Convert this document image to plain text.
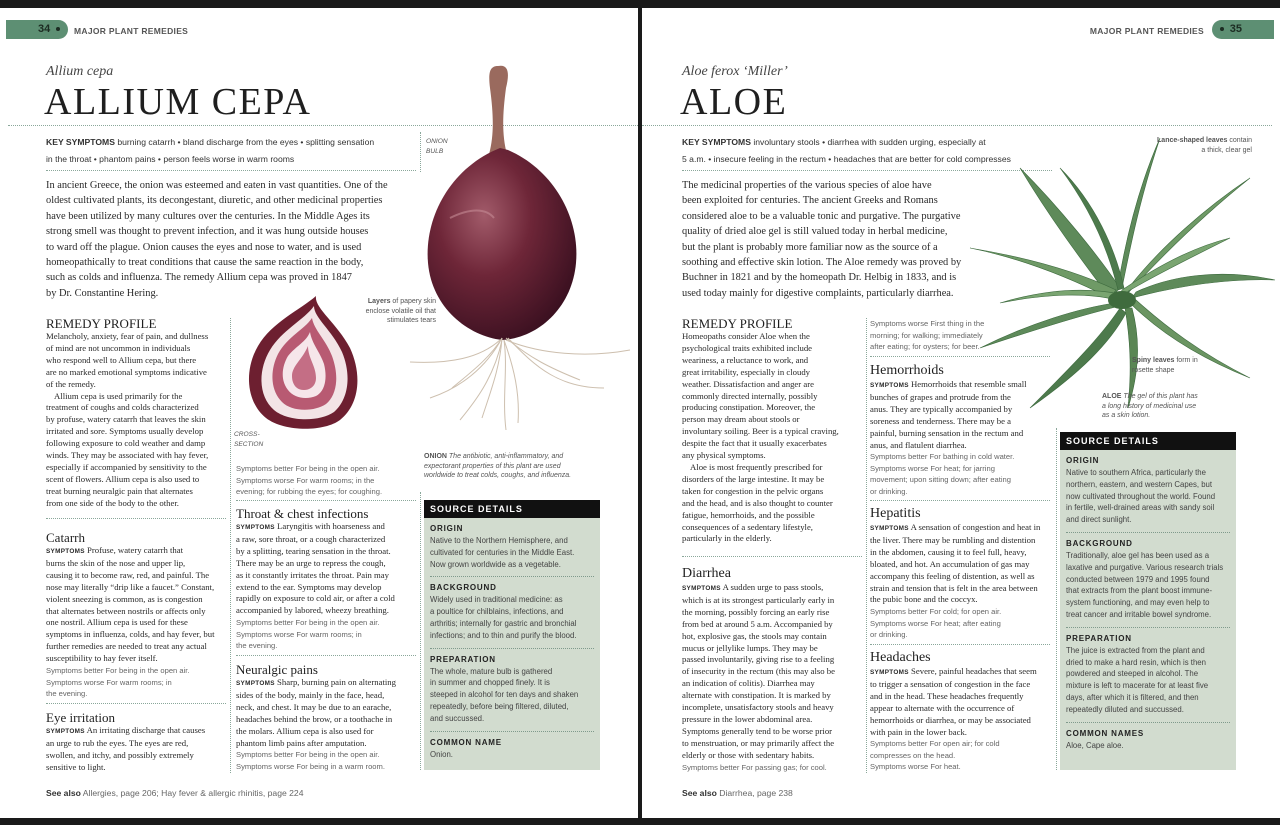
34	MAJOR PLANT REMEDIES
Allium cepa
ALLIUM CEPA
KEY SYMPTOMS burning catarrh • bland discharge from the eyes • splitting sensation
in the throat • phantom pains • person feels worse in warm rooms
In ancient Greece, the onion was esteemed and eaten in vast quantities. One of the
oldest cultivated plants, its decongestant, diuretic, and other medicinal properties
have been utilized by many cultures over the centuries. In the Middle Ages its
strong smell was thought to prevent infection, and it was hung outside houses
to ward off the plague. Onion causes the eyes and nose to water, and is used
homeopathically to treat conditions that cause the same reaction in the body,
such as colds and influenza. The remedy Allium cepa was proved in 1847
by Dr. Constantine Hering.
ONION
BULB
Layers of papery skin
enclose volatile oil that
stimulates tears
CROSS-
SECTION
ONION The antibiotic, anti-inflammatory, and
expectorant properties of this plant are used
worldwide to treat colds, coughs, and influenza.
REMEDY PROFILE
Melancholy, anxiety, fear of pain, and dullness
of mind are not uncommon in individuals
who respond well to Allium cepa, but there
are no marked emotional symptoms indicative
of the remedy.
Allium cepa is used primarily for the
treatment of coughs and colds characterized
by profuse, watery catarrh that leaves the skin
irritated and sore. Symptoms usually develop
following exposure to cold weather and damp
winds. They may be associated with hay fever,
especially if accompanied by sensitivity to the
scent of flowers. Allium cepa is also used to
treat burning neuralgic pain that alternates
from one side of the body to the other.
Catarrh
SYMPTOMS Profuse, watery catarrh that
burns the skin of the nose and upper lip,
causing it to become raw, red, and painful. The
nose may literally “drip like a faucet.” Constant,
violent sneezing is common, as is congestion
that alternates between nostrils or affects only
one nostril. Allium cepa is used for these
symptoms in influenza, colds, and hay fever, but
further remedies are needed to treat any actual
susceptibility to hay fever itself.
Symptoms better For being in the open air.
Symptoms worse For warm rooms; in
the evening.
Eye irritation
SYMPTOMS An irritating discharge that causes
an urge to rub the eyes. The eyes are red,
swollen, and itchy, and possibly extremely
sensitive to light.
Symptoms better For being in the open air.
Symptoms worse For warm rooms; in the
evening; for rubbing the eyes; for coughing.
Throat & chest infections
SYMPTOMS Laryngitis with hoarseness and
a raw, sore throat, or a cough characterized
by a splitting, tearing sensation in the throat.
There may be an urge to repress the cough,
as it constantly irritates the throat. Pain may
extend to the ear. Symptoms may develop
rapidly on exposure to cold air, or after a cold
accompanied by labored, wheezy breathing.
Symptoms better For being in the open air.
Symptoms worse For warm rooms; in
the evening.
Neuralgic pains
SYMPTOMS Sharp, burning pain on alternating
sides of the body, mainly in the face, head,
neck, and chest. It may be due to an earache,
headaches behind the brow, or a toothache in
the molars. Allium cepa is also used for
phantom limb pains after amputation.
Symptoms better For being in the open air.
Symptoms worse For being in a warm room.
SOURCE DETAILS
ORIGIN
Native to the Northern Hemisphere, and
cultivated for centuries in the Middle East.
Now grown worldwide as a vegetable.
BACKGROUND
Widely used in traditional medicine: as
a poultice for chilblains, infections, and
arthritis; internally for gastric and bronchial
infections; and to thin and purify the blood.
PREPARATION
The whole, mature bulb is gathered
in summer and chopped finely. It is
steeped in alcohol for ten days and shaken
repeatedly, before being filtered, diluted,
and succussed.
COMMON NAME
Onion.
See also Allergies, page 206; Hay fever & allergic rhinitis, page 224
35
MAJOR PLANT REMEDIES
Aloe ferox ‘Miller’
ALOE
KEY SYMPTOMS involuntary stools • diarrhea with sudden urging, especially at
5 a.m. • insecure feeling in the rectum • headaches that are better for cold compresses
The medicinal properties of the various species of aloe have
been exploited for centuries. The ancient Greeks and Romans
considered aloe to be a valuable tonic and purgative. The purgative
quality of dried aloe gel is still valued today in herbal medicine,
but the plant is probably more familiar now as the source of a
soothing and effective skin lotion. The Aloe remedy was proved by
Buchner in 1821 and by the homeopath Dr. Helbig in 1833, and is
used today mainly for digestive complaints, particularly diarrhea.
Lance-shaped leaves contain
a thick, clear gel
Spiny leaves form in
rosette shape
ALOE The gel of this plant has
a long history of medicinal use
as a skin lotion.
REMEDY PROFILE
Homeopaths consider Aloe when the
psychological traits exhibited include
weariness, a reluctance to work, and
great irritability, especially in cloudy
weather. Dissatisfaction and anger are
commonly directed internally, possibly
producing constipation. Moreover, the
person may dream about stools or
involuntary soiling. Beer is a typical craving,
despite the fact that it usually exacerbates
any physical symptoms.
Aloe is most frequently prescribed for
disorders of the large intestine. It may be
taken for congestion in the pelvic organs
and the head, and is also thought to counter
fatigue, hemorrhoids, and the possible
consequences of a sedentary lifestyle,
particularly in the elderly.
Diarrhea
SYMPTOMS A sudden urge to pass stools,
which is at its strongest particularly early in
the morning, possibly forcing an early rise
from bed at around 5 a.m. Accompanied by
hot, explosive gas, the stools may contain
mucus or jellylike lumps. They may be
passed involuntarily, giving rise to a feeling
of insecurity in the rectum (this may also be
an indication of colitis). Diarrhea may
alternate with constipation. It is marked by
incomplete, unsatisfactory stools and heavy
pressure in the lower abdominal area.
Symptoms generally tend to be worse prior
to menstruation, or may primarily affect the
elderly or those with sedentary habits.
Symptoms better For passing gas; for cool.
Symptoms worse First thing in the
morning; for walking; immediately
after eating; for oysters; for beer.
Hemorrhoids
SYMPTOMS Hemorrhoids that resemble small
bunches of grapes and protrude from the
anus. They are typically accompanied by
soreness and tenderness. There may be a
painful, burning sensation in the rectum and
anus, and flatulent diarrhea.
Symptoms better For bathing in cold water.
Symptoms worse For heat; for jarring
movement; upon sitting down; after eating
or drinking.
Hepatitis
SYMPTOMS A sensation of congestion and heat in
the liver. There may be rumbling and distention
in the abdomen, causing it to feel full, heavy,
bloated, and hot. An accumulation of gas may
accompany this feeling of distention, as well as
strain and tension that is felt in the area between
the pubic bone and the coccyx.
Symptoms better For cold; for open air.
Symptoms worse For heat; after eating
or drinking.
Headaches
SYMPTOMS Severe, painful headaches that seem
to trigger a sensation of congestion in the face
and in the head. These headaches frequently
appear to alternate with the occurrence of
hemorrhoids or diarrhea, or may be associated
with pain in the lower back.
Symptoms better For open air; for cold
compresses on the head.
Symptoms worse For heat.
SOURCE DETAILS
ORIGIN
Native to southern Africa, particularly the
northern, eastern, and western Capes, but
now cultivated throughout the world. Found
in fertile, well-drained areas with sandy soil
and direct sunlight.
BACKGROUND
Traditionally, aloe gel has been used as a
laxative and purgative. Various research trials
conducted between 1979 and 1995 found
that extracts from the plant boost immune-
system functioning, and may even help to
treat cancer and irritable bowel syndrome.
PREPARATION
The juice is extracted from the plant and
dried to make a hard resin, which is then
powdered and steeped in alcohol. The
mixture is left to macerate for at least five
days, after which it is filtered, and then
repeatedly diluted and succussed.
COMMON NAMES
Aloe, Cape aloe.
See also Diarrhea, page 238
